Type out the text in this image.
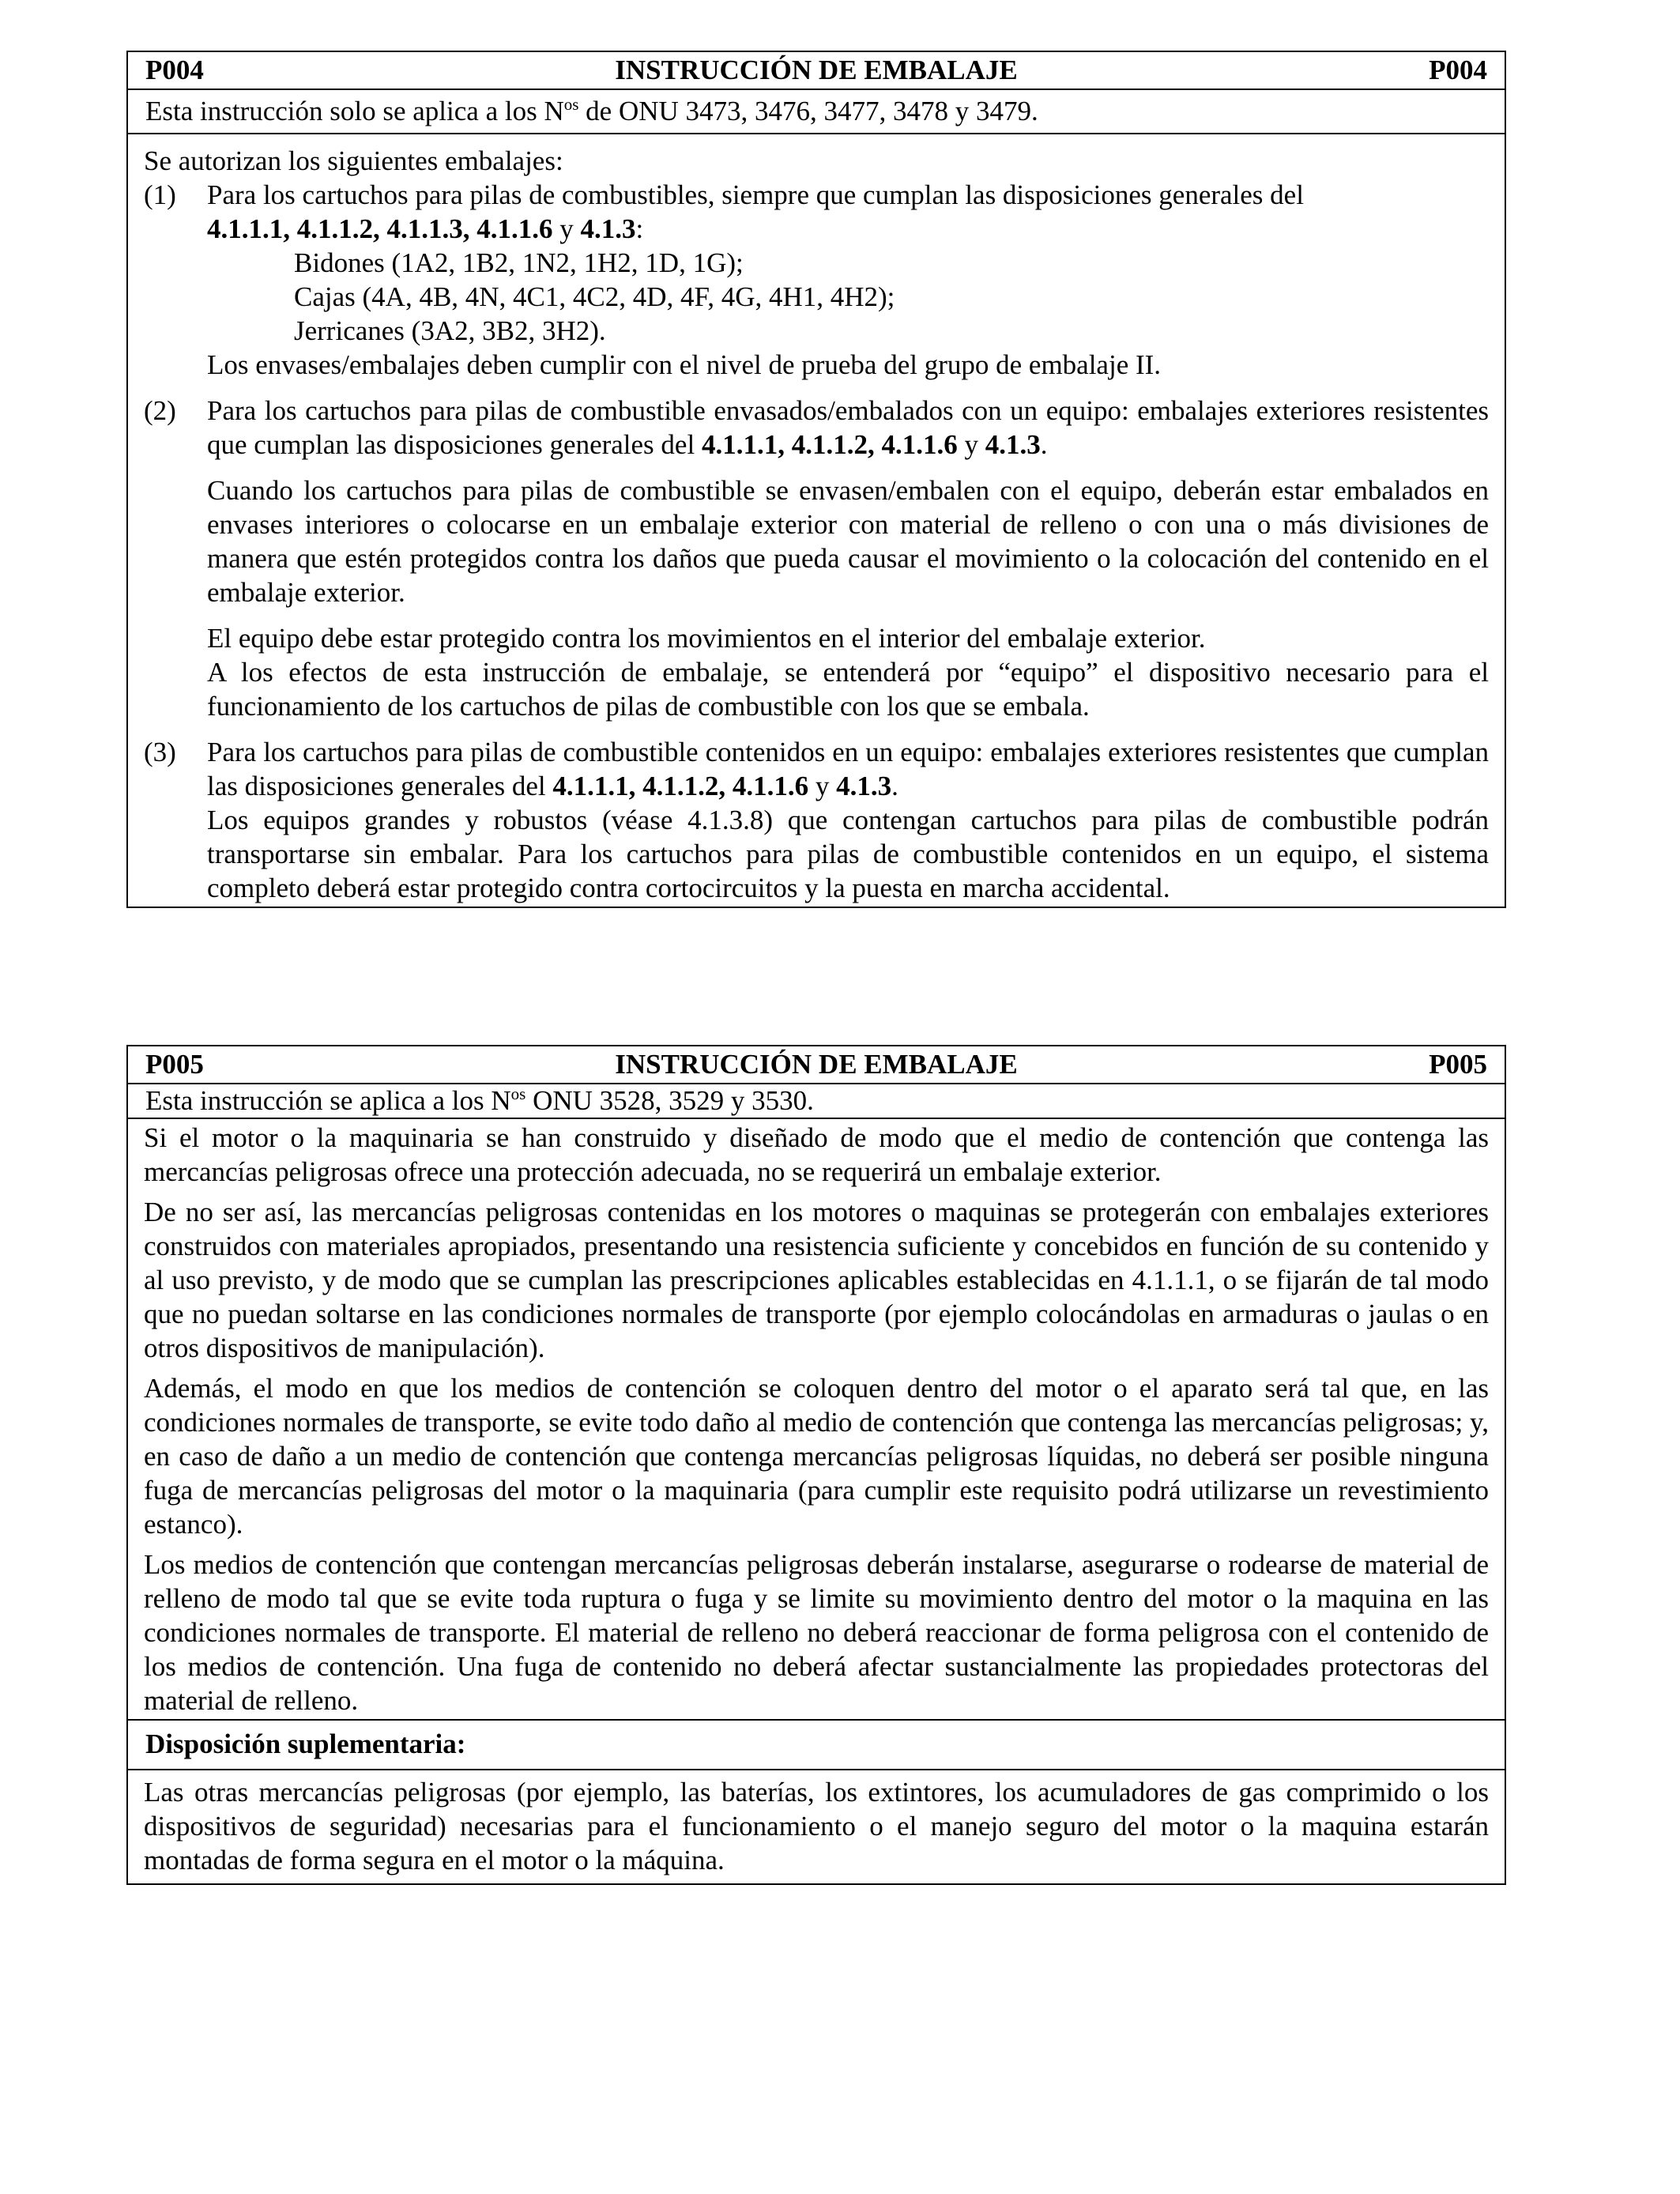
P004	INSTRUCCIÓN DE EMBALAJE	P004
Esta instrucción solo se aplica a los $N^{os}$ de ONU 3473, 3476, 3477, 3478 y 3479.
Se autorizan los siguientes embalajes:
(1)	Para los cartuchos para pilas de combustibles, siempre que cumplan las disposiciones generales del
4.1.1.1, 4.1.1.2, 4.1.1.3, 4.1.1.6 y 4.1.3:
Bidones (1A2, 1B2, 1N2, 1H2, 1D, 1G);
Cajas (4A, 4B, 4N, 4C1, 4C2, 4D, 4F, 4G, 4H1, 4H2);
Jerricanes (3A2, 3B2, 3H2).
Los envases/embalajes deben cumplir con el nivel de prueba del grupo de embalaje II.
(2)	Para los cartuchos para pilas de combustible envasados/embalados con un equipo: embalajes exteriores resistentes que cumplan las disposiciones generales del 4.1.1.1, 4.1.1.2, 4.1.1.6 y 4.1.3.

Cuando los cartuchos para pilas de combustible se envasen/embalen con el equipo, deberán estar embalados en envases interiores o colocarse en un embalaje exterior con material de relleno o con una o más divisiones de manera que estén protegidos contra los daños que pueda causar el movimiento o la colocación del contenido en el embalaje exterior.

El equipo debe estar protegido contra los movimientos en el interior del embalaje exterior.
A los efectos de esta instrucción de embalaje, se entenderá por “equipo” el dispositivo necesario para el funcionamiento de los cartuchos de pilas de combustible con los que se embala.

(3)	Para los cartuchos para pilas de combustible contenidos en un equipo: embalajes exteriores resistentes que cumplan las disposiciones generales del 4.1.1.1, 4.1.1.2, 4.1.1.6 y 4.1.3.
Los equipos grandes y robustos (véase 4.1.3.8) que contengan cartuchos para pilas de combustible podrán transportarse sin embalar. Para los cartuchos para pilas de combustible contenidos en un equipo, el sistema completo deberá estar protegido contra cortocircuitos y la puesta en marcha accidental.
P005	INSTRUCCIÓN DE EMBALAJE	P005
Esta instrucción se aplica a los $N^{os}$ ONU 3528, 3529 y 3530.

Si el motor o la maquinaria se han construido y diseñado de modo que el medio de contención que contenga las mercancías peligrosas ofrece una protección adecuada, no se requerirá un embalaje exterior.

De no ser así, las mercancías peligrosas contenidas en los motores o maquinas se protegerán con embalajes exteriores construidos con materiales apropiados, presentando una resistencia suficiente y concebidos en función de su contenido y al uso previsto, y de modo que se cumplan las prescripciones aplicables establecidas en 4.1.1.1, o se fijarán de tal modo que no puedan soltarse en las condiciones normales de transporte (por ejemplo colocándolas en armaduras o jaulas o en otros dispositivos de manipulación).

Además, el modo en que los medios de contención se coloquen dentro del motor o el aparato será tal que, en las condiciones normales de transporte, se evite todo daño al medio de contención que contenga las mercancías peligrosas; y, en caso de daño a un medio de contención que contenga mercancías peligrosas líquidas, no deberá ser posible ninguna fuga de mercancías peligrosas del motor o la maquinaria (para cumplir este requisito podrá utilizarse un revestimiento estanco).

Los medios de contención que contengan mercancías peligrosas deberán instalarse, asegurarse o rodearse de material de relleno de modo tal que se evite toda ruptura o fuga y se limite su movimiento dentro del motor o la maquina en las condiciones normales de transporte. El material de relleno no deberá reaccionar de forma peligrosa con el contenido de los medios de contención. Una fuga de contenido no deberá afectar sustancialmente las propiedades protectoras del material de relleno.

Disposición suplementaria:
Las otras mercancías peligrosas (por ejemplo, las baterías, los extintores, los acumuladores de gas comprimido o los dispositivos de seguridad) necesarias para el funcionamiento o el manejo seguro del motor o la maquina estarán montadas de forma segura en el motor o la máquina.
